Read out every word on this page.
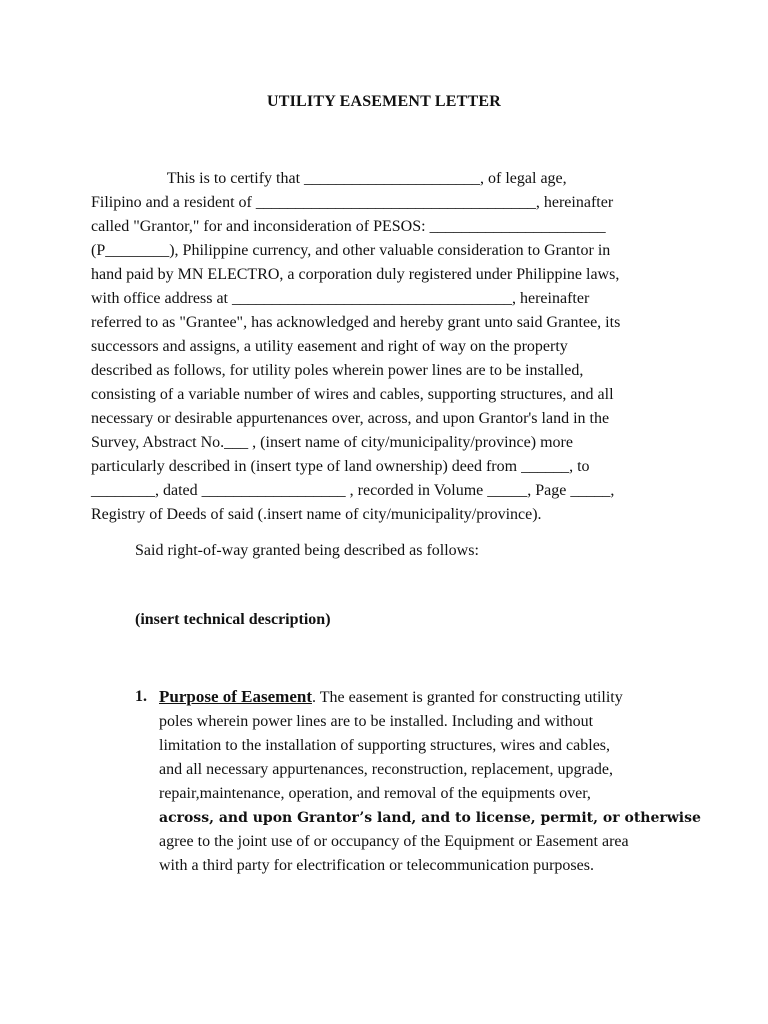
UTILITY EASEMENT LETTER
This is to certify that ______________________, of legal age,
Filipino and a resident of ___________________________________, hereinafter
called "Grantor," for and inconsideration of PESOS: ______________________
(P________), Philippine currency, and other valuable consideration to Grantor in
hand paid by MN ELECTRO, a corporation duly registered under Philippine laws,
with office address at ___________________________________, hereinafter
referred to as "Grantee", has acknowledged and hereby grant unto said Grantee, its
successors and assigns, a utility easement and right of way on the property
described as follows, for utility poles wherein power lines are to be installed,
consisting of a variable number of wires and cables, supporting structures, and all
necessary or desirable appurtenances over, across, and upon Grantor's land in the
Survey, Abstract No.___ , (insert name of city/municipality/province) more
particularly described in (insert type of land ownership) deed from ______, to
________, dated __________________ , recorded in Volume _____, Page _____,
Registry of Deeds of said (.insert name of city/municipality/province).
Said right-of-way granted being described as follows:
(insert technical description)
1. Purpose of Easement. The easement is granted for constructing utility
poles wherein power lines are to be installed. Including and without
limitation to the installation of supporting structures, wires and cables,
and all necessary appurtenances, reconstruction, replacement, upgrade,
repair,maintenance, operation, and removal of the equipments over,
across, and upon Grantor’s land, and to license, permit, or otherwise
agree to the joint use of or occupancy of the Equipment or Easement area
with a third party for electrification or telecommunication purposes.
